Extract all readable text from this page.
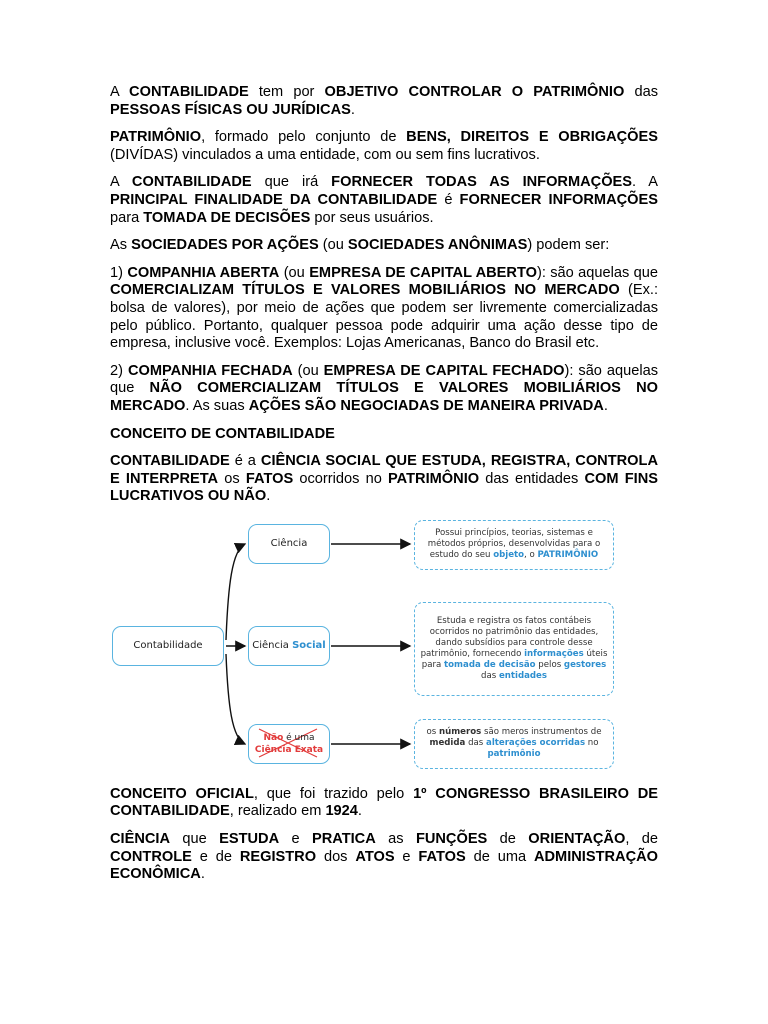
A CONTABILIDADE tem por OBJETIVO CONTROLAR O PATRIMÔNIO das PESSOAS FÍSICAS OU JURÍDICAS.

PATRIMÔNIO, formado pelo conjunto de BENS, DIREITOS E OBRIGAÇÕES (DIVÍDAS) vinculados a uma entidade, com ou sem fins lucrativos.

A CONTABILIDADE que irá FORNECER TODAS AS INFORMAÇÕES. A PRINCIPAL FINALIDADE DA CONTABILIDADE é FORNECER INFORMAÇÕES para TOMADA DE DECISÕES por seus usuários.

As SOCIEDADES POR AÇÕES (ou SOCIEDADES ANÔNIMAS) podem ser:

1) COMPANHIA ABERTA (ou EMPRESA DE CAPITAL ABERTO): são aquelas que COMERCIALIZAM TÍTULOS E VALORES MOBILIÁRIOS NO MERCADO (Ex.: bolsa de valores), por meio de ações que podem ser livremente comercializadas pelo público. Portanto, qualquer pessoa pode adquirir uma ação desse tipo de empresa, inclusive você. Exemplos: Lojas Americanas, Banco do Brasil etc.

2) COMPANHIA FECHADA (ou EMPRESA DE CAPITAL FECHADO): são aquelas que NÃO COMERCIALIZAM TÍTULOS E VALORES MOBILIÁRIOS NO MERCADO. As suas AÇÕES SÃO NEGOCIADAS DE MANEIRA PRIVADA.

CONCEITO DE CONTABILIDADE

CONTABILIDADE é a CIÊNCIA SOCIAL QUE ESTUDA, REGISTRA, CONTROLA E INTERPRETA os FATOS ocorridos no PATRIMÔNIO das entidades COM FINS LUCRATIVOS OU NÃO.

Contabilidade
Ciência
Ciência Social
Não é uma
Ciência Exata
Possui princípios, teorias, sistemas e métodos próprios, desenvolvidas para o estudo do seu objeto, o PATRIMÔNIO
Estuda e registra os fatos contábeis ocorridos no patrimônio das entidades, dando subsídios para controle desse patrimônio, fornecendo informações úteis para tomada de decisão pelos gestores das entidades
os números são meros instrumentos de medida das alterações ocorridas no patrimônio

CONCEITO OFICIAL, que foi trazido pelo 1º CONGRESSO BRASILEIRO DE CONTABILIDADE, realizado em 1924.

CIÊNCIA que ESTUDA e PRATICA as FUNÇÕES de ORIENTAÇÃO, de CONTROLE e de REGISTRO dos ATOS e FATOS de uma ADMINISTRAÇÃO ECONÔMICA.
